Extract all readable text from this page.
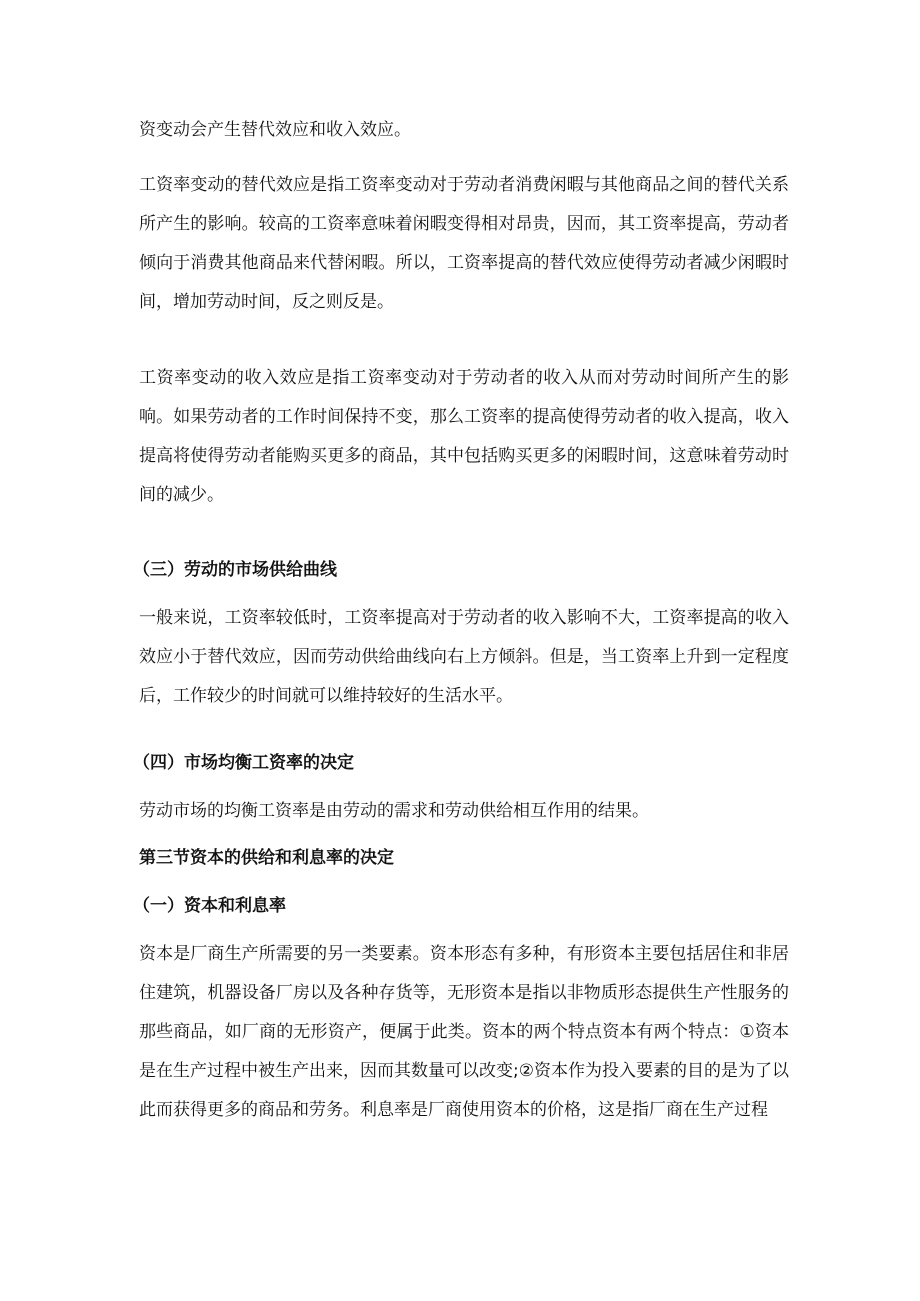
资变动会产生替代效应和收入效应。

工资率变动的替代效应是指工资率变动对于劳动者消费闲暇与其他商品之间的替代关系所产生的影响。较高的工资率意味着闲暇变得相对昂贵，因而，其工资率提高，劳动者倾向于消费其他商品来代替闲暇。所以，工资率提高的替代效应使得劳动者减少闲暇时间，增加劳动时间，反之则反是。

工资率变动的收入效应是指工资率变动对于劳动者的收入从而对劳动时间所产生的影响。如果劳动者的工作时间保持不变，那么工资率的提高使得劳动者的收入提高，收入提高将使得劳动者能购买更多的商品，其中包括购买更多的闲暇时间，这意味着劳动时间的减少。

（三）劳动的市场供给曲线

一般来说，工资率较低时，工资率提高对于劳动者的收入影响不大，工资率提高的收入效应小于替代效应，因而劳动供给曲线向右上方倾斜。但是，当工资率上升到一定程度后，工作较少的时间就可以维持较好的生活水平。

（四）市场均衡工资率的决定

劳动市场的均衡工资率是由劳动的需求和劳动供给相互作用的结果。

第三节资本的供给和利息率的决定
（一）资本和利息率

资本是厂商生产所需要的另一类要素。资本形态有多种，有形资本主要包括居住和非居住建筑，机器设备厂房以及各种存货等，无形资本是指以非物质形态提供生产性服务的那些商品，如厂商的无形资产，便属于此类。资本的两个特点资本有两个特点：①资本是在生产过程中被生产出来，因而其数量可以改变;②资本作为投入要素的目的是为了以此而获得更多的商品和劳务。利息率是厂商使用资本的价格，这是指厂商在生产过程
